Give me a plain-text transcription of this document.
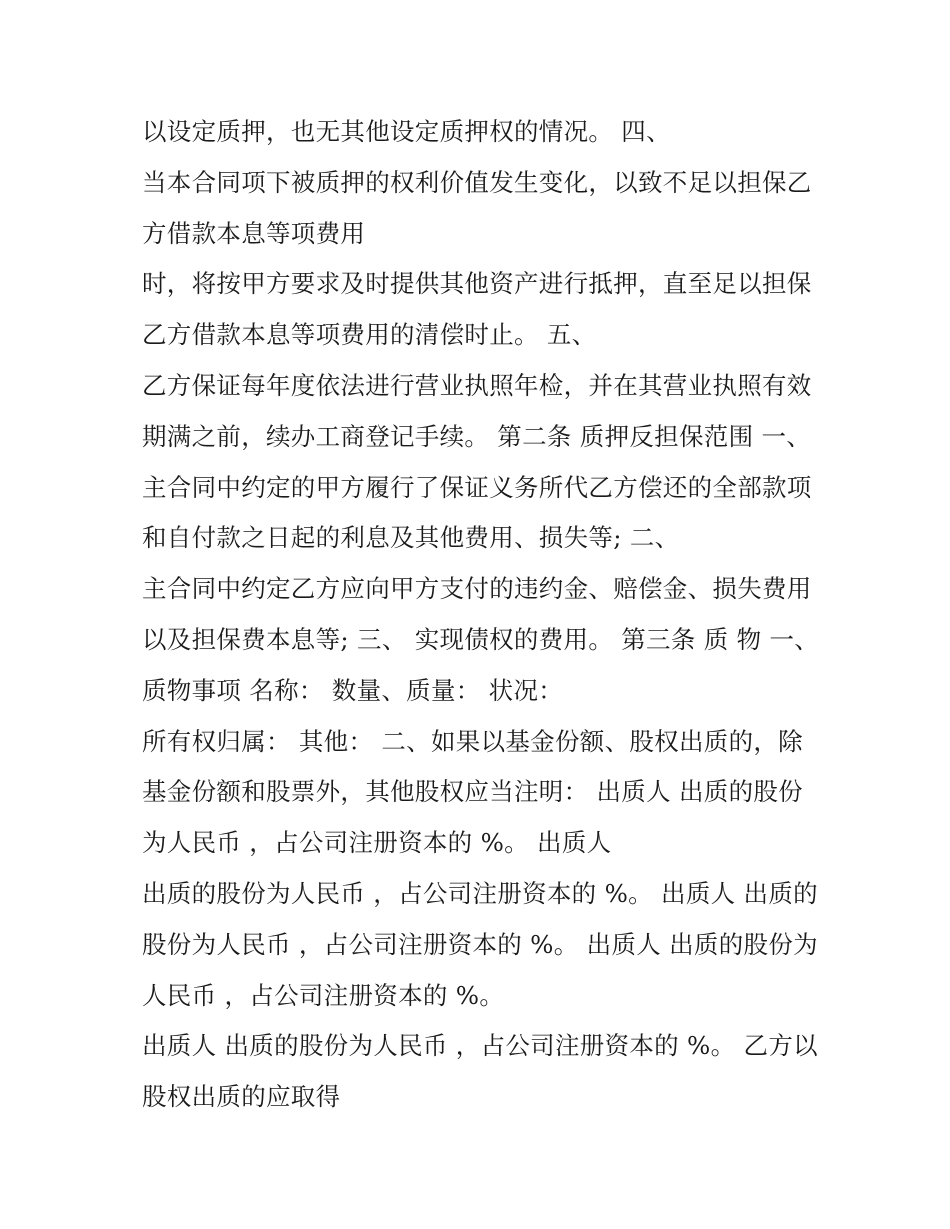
以设定质押，也无其他设定质押权的情况。 四、
当本合同项下被质押的权利价值发生变化，以致不足以担保乙
方借款本息等项费用
时，将按甲方要求及时提供其他资产进行抵押，直至足以担保
乙方借款本息等项费用的清偿时止。 五、
乙方保证每年度依法进行营业执照年检，并在其营业执照有效
期满之前，续办工商登记手续。 第二条 质押反担保范围 一、
主合同中约定的甲方履行了保证义务所代乙方偿还的全部款项
和自付款之日起的利息及其他费用、损失等; 二、
主合同中约定乙方应向甲方支付的违约金、赔偿金、损失费用
以及担保费本息等; 三、 实现债权的费用。 第三条 质 物 一、
质物事项 名称： 数量、质量： 状况：
所有权归属： 其他： 二、如果以基金份额、股权出质的，除
基金份额和股票外，其他股权应当注明： 出质人 出质的股份
为人民币 ，占公司注册资本的 %。 出质人
出质的股份为人民币 ，占公司注册资本的 %。 出质人 出质的
股份为人民币 ，占公司注册资本的 %。 出质人 出质的股份为
人民币 ，占公司注册资本的 %。
出质人 出质的股份为人民币 ，占公司注册资本的 %。 乙方以
股权出质的应取得
